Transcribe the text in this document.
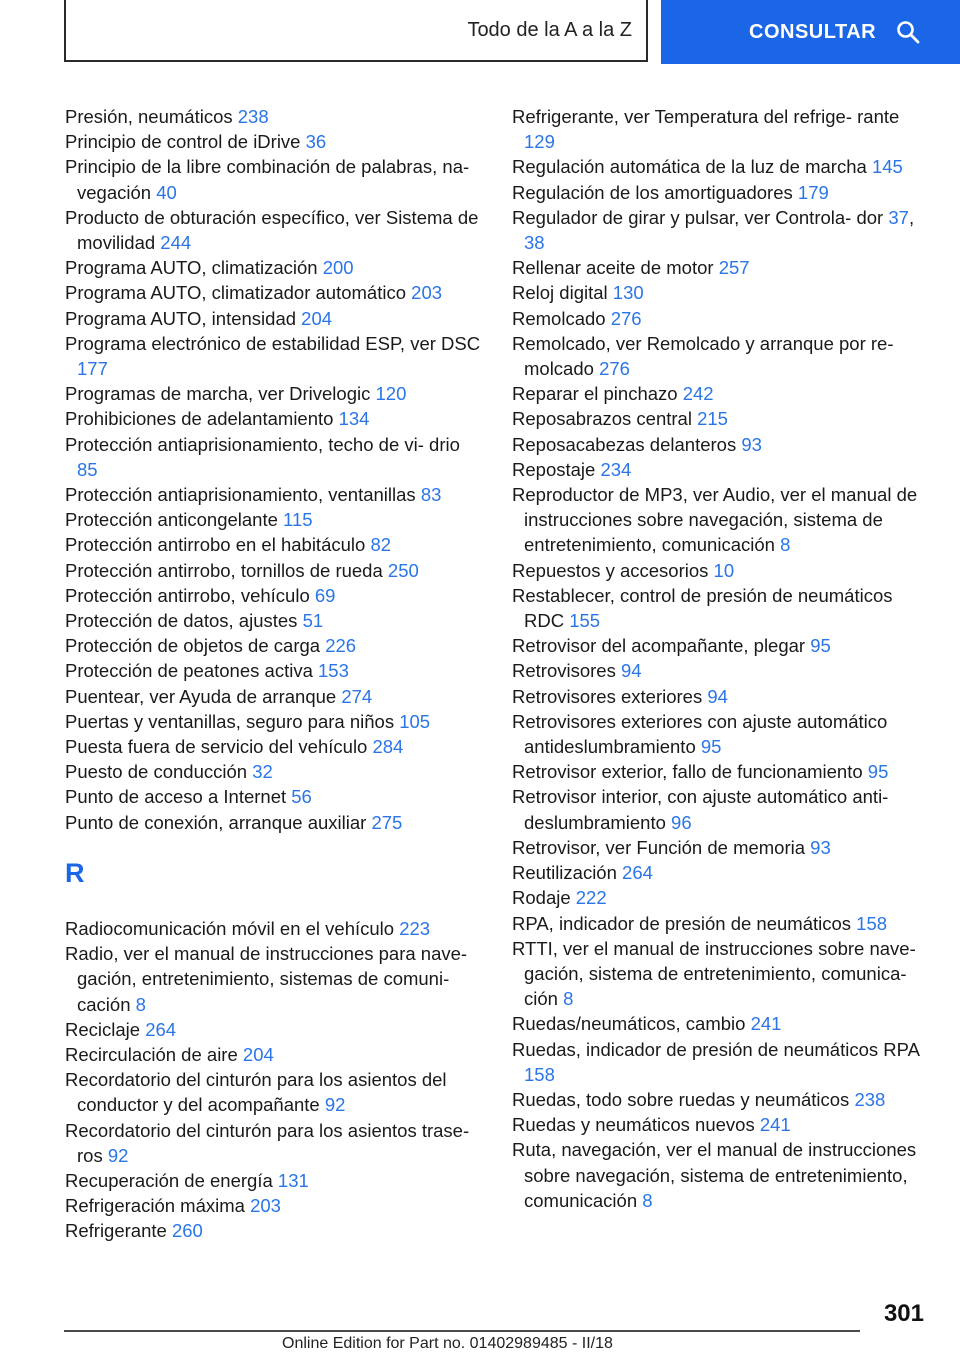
Todo de la A a la Z	CONSULTAR
Presión, neumáticos 238
Principio de control de iDrive 36
Principio de la libre combinación de palabras, na‐ vegación 40
Producto de obturación específico, ver Sistema de movilidad 244
Programa AUTO, climatización 200
Programa AUTO, climatizador automático 203
Programa AUTO, intensidad 204
Programa electrónico de estabilidad ESP, ver DSC 177
Programas de marcha, ver Drivelogic 120
Prohibiciones de adelantamiento 134
Protección antiaprisionamiento, techo de vi‐ drio 85
Protección antiaprisionamiento, ventanillas 83
Protección anticongelante 115
Protección antirrobo en el habitáculo 82
Protección antirrobo, tornillos de rueda 250
Protección antirrobo, vehículo 69
Protección de datos, ajustes 51
Protección de objetos de carga 226
Protección de peatones activa 153
Puentear, ver Ayuda de arranque 274
Puertas y ventanillas, seguro para niños 105
Puesta fuera de servicio del vehículo 284
Puesto de conducción 32
Punto de acceso a Internet 56
Punto de conexión, arranque auxiliar 275
R
Radiocomunicación móvil en el vehículo 223
Radio, ver el manual de instrucciones para nave‐ gación, entretenimiento, sistemas de comuni‐ cación 8
Reciclaje 264
Recirculación de aire 204
Recordatorio del cinturón para los asientos del conductor y del acompañante 92
Recordatorio del cinturón para los asientos trase‐ ros 92
Recuperación de energía 131
Refrigeración máxima 203
Refrigerante 260
Refrigerante, ver Temperatura del refrige‐ rante 129
Regulación automática de la luz de marcha 145
Regulación de los amortiguadores 179
Regulador de girar y pulsar, ver Controla‐ dor 37, 38
Rellenar aceite de motor 257
Reloj digital 130
Remolcado 276
Remolcado, ver Remolcado y arranque por re‐ molcado 276
Reparar el pinchazo 242
Reposabrazos central 215
Reposacabezas delanteros 93
Repostaje 234
Reproductor de MP3, ver Audio, ver el manual de instrucciones sobre navegación, sistema de entretenimiento, comunicación 8
Repuestos y accesorios 10
Restablecer, control de presión de neumáticos RDC 155
Retrovisor del acompañante, plegar 95
Retrovisores 94
Retrovisores exteriores 94
Retrovisores exteriores con ajuste automático antideslumbramiento 95
Retrovisor exterior, fallo de funcionamiento 95
Retrovisor interior, con ajuste automático anti‐ deslumbramiento 96
Retrovisor, ver Función de memoria 93
Reutilización 264
Rodaje 222
RPA, indicador de presión de neumáticos 158
RTTI, ver el manual de instrucciones sobre nave‐ gación, sistema de entretenimiento, comunica‐ ción 8
Ruedas/neumáticos, cambio 241
Ruedas, indicador de presión de neumáticos RPA 158
Ruedas, todo sobre ruedas y neumáticos 238
Ruedas y neumáticos nuevos 241
Ruta, navegación, ver el manual de instrucciones sobre navegación, sistema de entretenimiento, comunicación 8
301
Online Edition for Part no. 01402989485 - II/18
